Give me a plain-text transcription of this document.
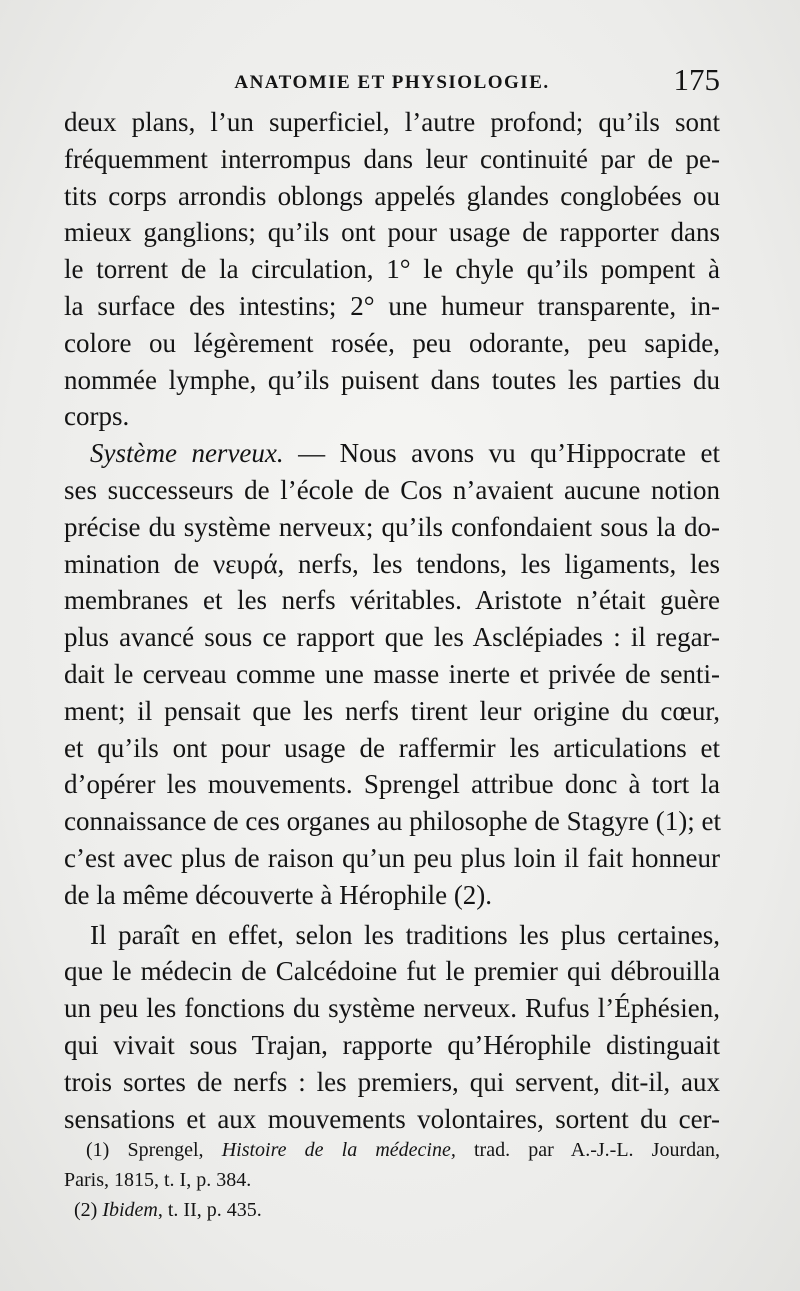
ANATOMIE ET PHYSIOLOGIE.	175
deux plans, l’un superficiel, l’autre profond; qu’ils sont
fréquemment interrompus dans leur continuité par de pe-
tits corps arrondis oblongs appelés glandes conglobées ou
mieux ganglions; qu’ils ont pour usage de rapporter dans
le torrent de la circulation, 1° le chyle qu’ils pompent à
la surface des intestins; 2° une humeur transparente, in-
colore ou légèrement rosée, peu odorante, peu sapide,
nommée lymphe, qu’ils puisent dans toutes les parties du
corps.
Système nerveux. — Nous avons vu qu’Hippocrate et
ses successeurs de l’école de Cos n’avaient aucune notion
précise du système nerveux; qu’ils confondaient sous la do-
mination de νευρά, nerfs, les tendons, les ligaments, les
membranes et les nerfs véritables. Aristote n’était guère
plus avancé sous ce rapport que les Asclépiades : il regar-
dait le cerveau comme une masse inerte et privée de senti-
ment; il pensait que les nerfs tirent leur origine du cœur,
et qu’ils ont pour usage de raffermir les articulations et
d’opérer les mouvements. Sprengel attribue donc à tort la
connaissance de ces organes au philosophe de Stagyre (1); et
c’est avec plus de raison qu’un peu plus loin il fait honneur
de la même découverte à Hérophile (2).
Il paraît en effet, selon les traditions les plus certaines,
que le médecin de Calcédoine fut le premier qui débrouilla
un peu les fonctions du système nerveux. Rufus l’Éphésien,
qui vivait sous Trajan, rapporte qu’Hérophile distinguait
trois sortes de nerfs : les premiers, qui servent, dit-il, aux
sensations et aux mouvements volontaires, sortent du cer-
(1) Sprengel, Histoire de la médecine, trad. par A.-J.-L. Jourdan,
Paris, 1815, t. I, p. 384.
(2) Ibidem, t. II, p. 435.
